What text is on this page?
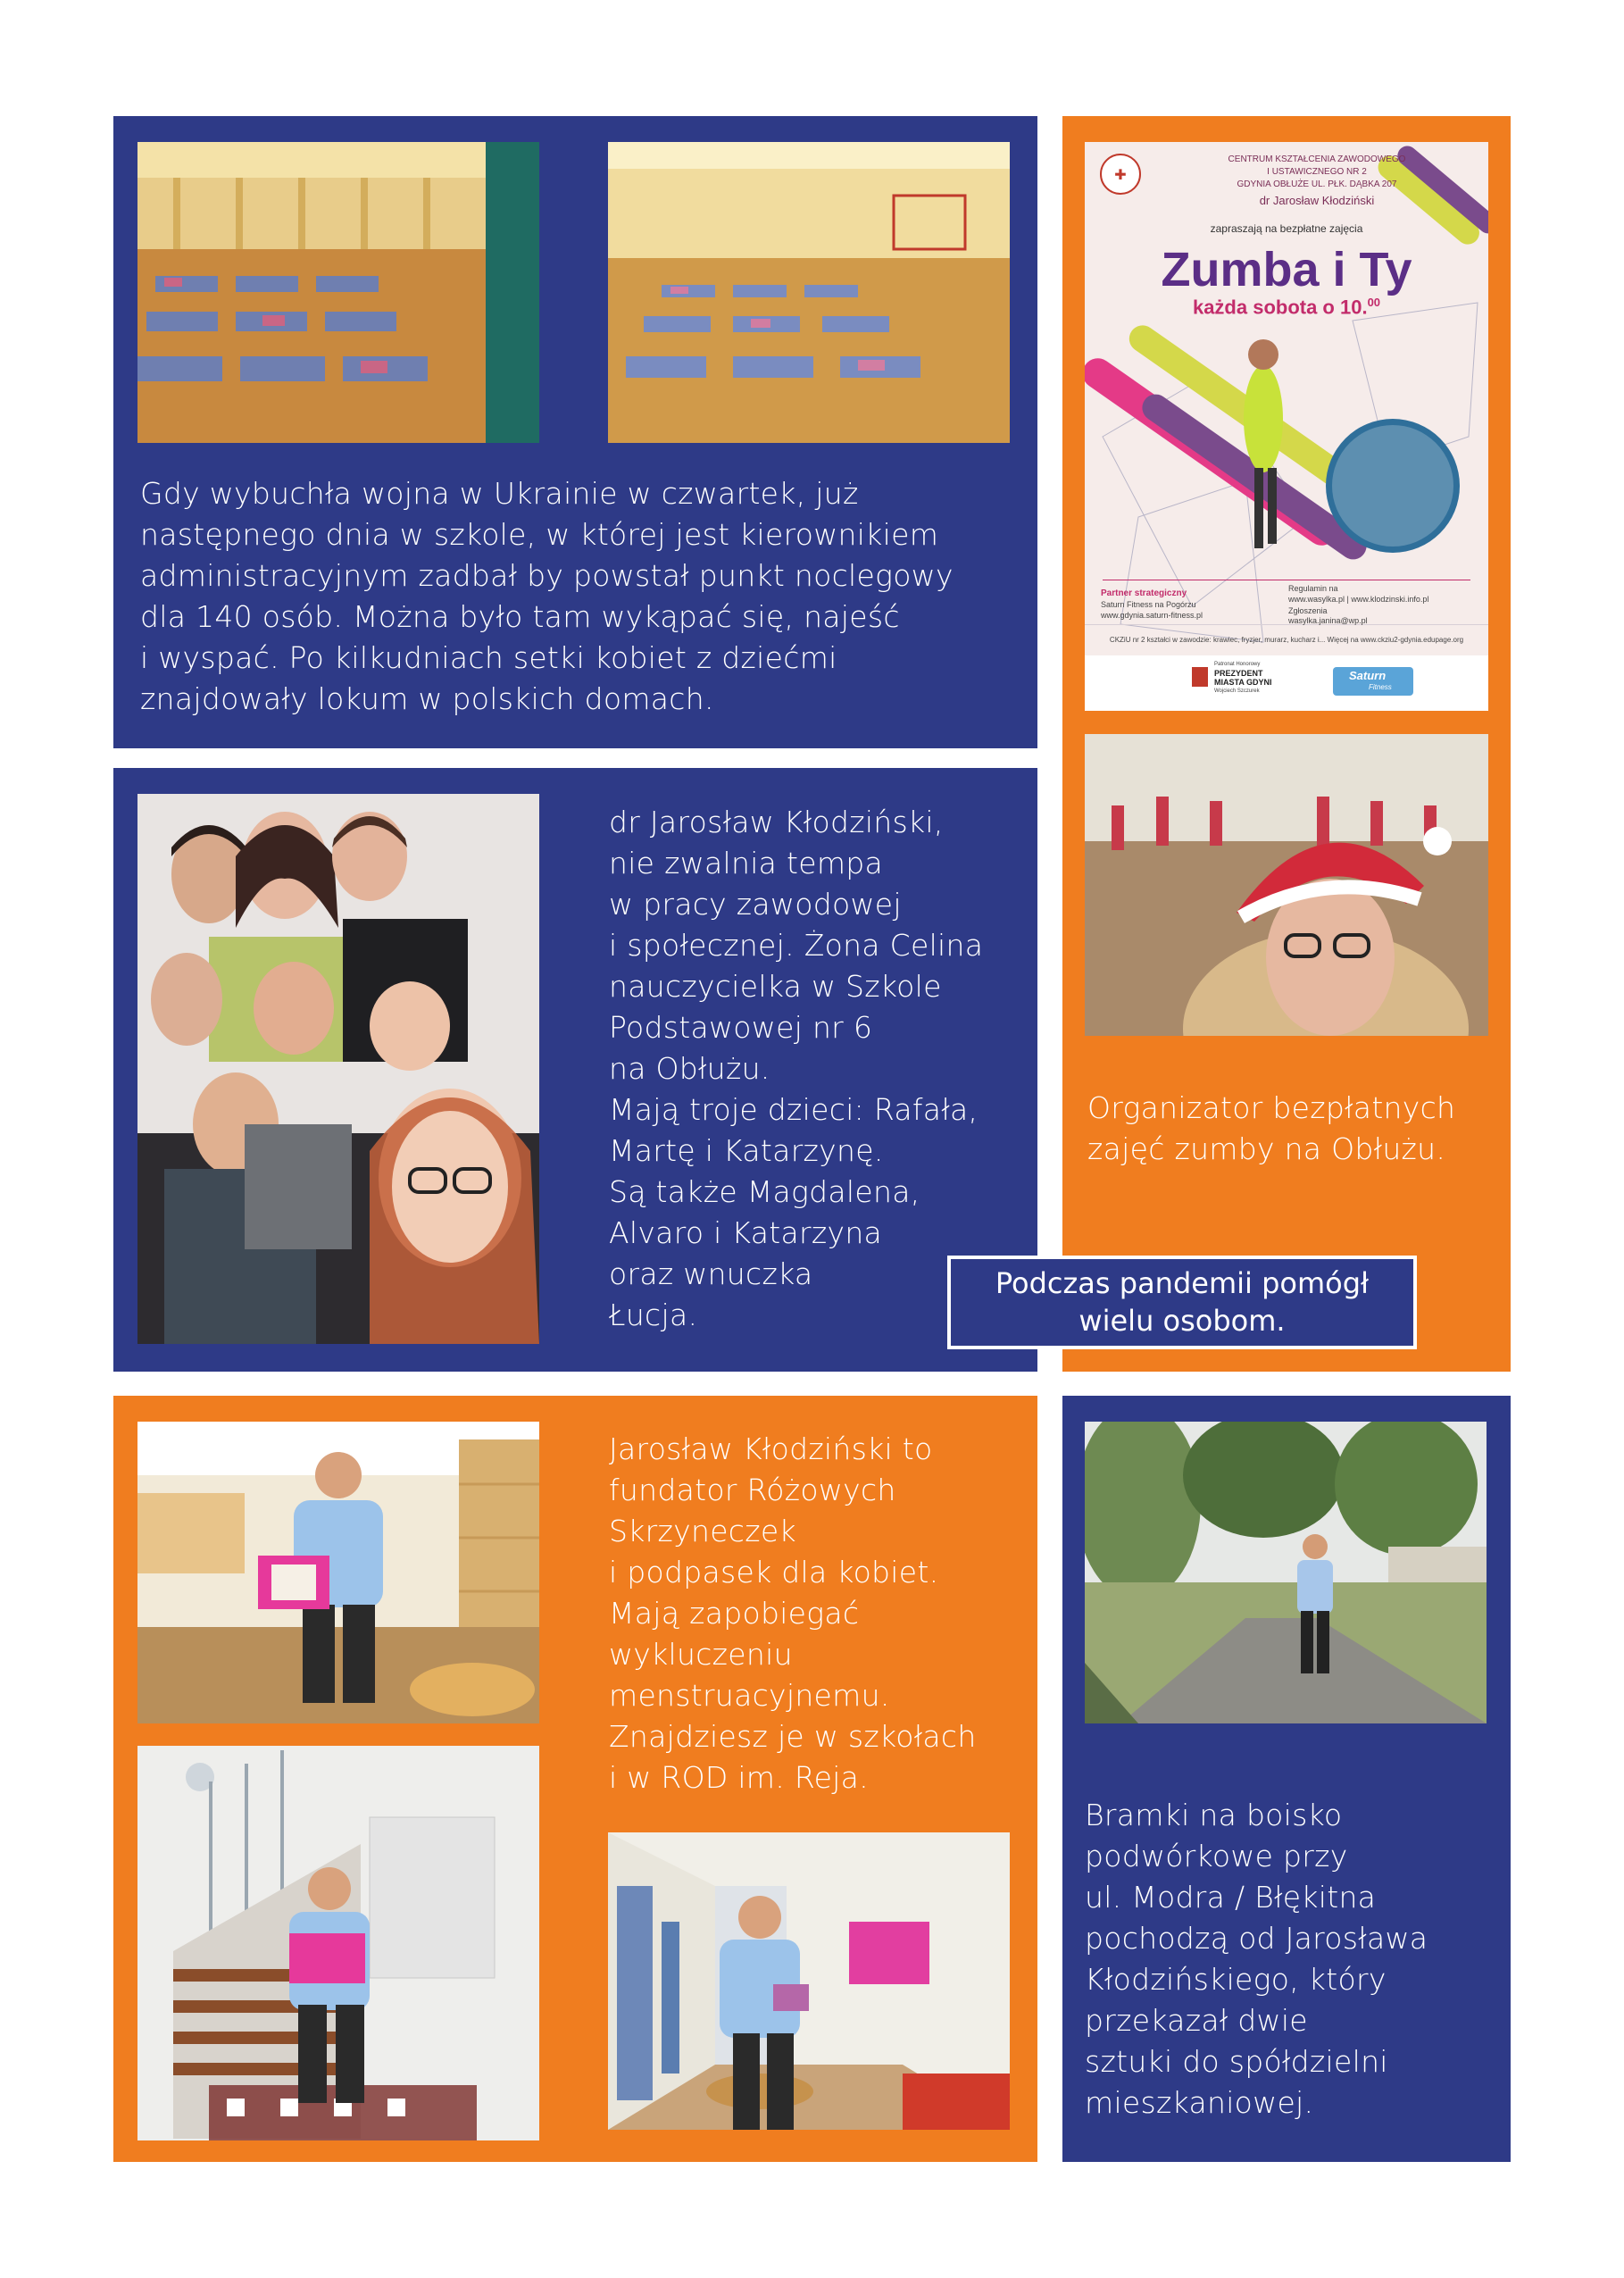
Gdy wybuchła wojna w Ukrainie w czwartek, już
następnego dnia w szkole, w której jest kierownikiem
administracyjnym zadbał by powstał punkt noclegowy
dla 140 osób. Można było tam wykąpać się, najeść
i wyspać. Po kilkudniach setki kobiet z dziećmi
znajdowały lokum w polskich domach.
✚
CENTRUM KSZTAŁCENIA ZAWODOWEGO
I USTAWICZNEGO NR 2
GDYNIA OBŁUŻE UL. PŁK. DĄBKA 207
dr Jarosław Kłodziński
zapraszają na bezpłatne zajęcia
Zumba i Ty
każda sobota o 10.00
Partner strategiczny
Saturn Fitness na Pogórzu
www.gdynia.saturn-fitness.pl
Regulamin na
www.wasylka.pl | www.klodzinski.info.pl
Zgłoszenia
wasylka.janina@wp.pl
CKZiU nr 2 kształci w zawodzie: krawiec, fryzjer, murarz, kucharz i... Więcej na www.ckziu2-gdynia.edupage.org
Patronat Honorowy
PREZYDENT
MIASTA GDYNI
Wojciech Szczurek
Saturn
Fitness
Organizator bezpłatnych
zajęć zumby na Obłużu.
dr Jarosław Kłodziński,
nie zwalnia tempa
w pracy zawodowej
i społecznej. Żona Celina
nauczycielka w Szkole
Podstawowej nr 6
na Obłużu.
Mają troje dzieci: Rafała,
Martę i Katarzynę.
Są także Magdalena,
Alvaro i Katarzyna
oraz wnuczka
Łucja.
Podczas pandemii pomógł
wielu osobom.
Jarosław Kłodziński to
fundator Różowych
Skrzyneczek
i podpasek dla kobiet.
Mają zapobiegać
wykluczeniu
menstruacyjnemu.
Znajdziesz je w szkołach
i w ROD im. Reja.
Bramki na boisko
podwórkowe przy
ul. Modra / Błękitna
pochodzą od Jarosława
Kłodzińskiego, który
przekazał dwie
sztuki do spółdzielni
mieszkaniowej.
